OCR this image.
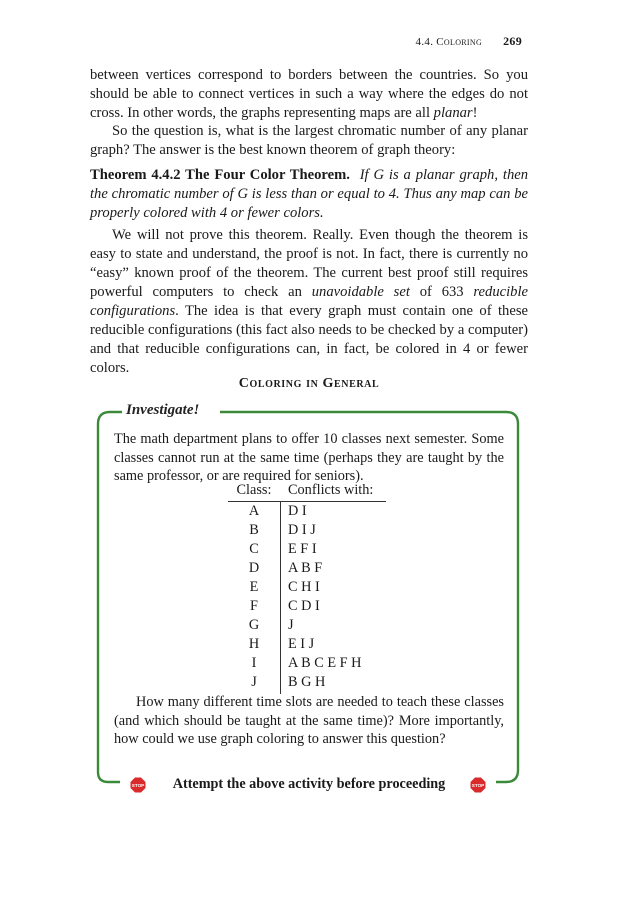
4.4. Coloring 269

between vertices correspond to borders between the countries. So you should be able to connect vertices in such a way where the edges do not cross. In other words, the graphs representing maps are all planar!

So the question is, what is the largest chromatic number of any planar graph? The answer is the best known theorem of graph theory:

Theorem 4.4.2 The Four Color Theorem. If G is a planar graph, then the chromatic number of G is less than or equal to 4. Thus any map can be properly colored with 4 or fewer colors.

We will not prove this theorem. Really. Even though the theorem is easy to state and understand, the proof is not. In fact, there is currently no “easy” known proof of the theorem. The current best proof still requires powerful computers to check an unavoidable set of 633 reducible configurations. The idea is that every graph must contain one of these reducible configurations (this fact also needs to be checked by a computer) and that reducible configurations can, in fact, be colored in 4 or fewer colors.

Coloring in General
Investigate!
The math department plans to offer 10 classes next semester. Some classes cannot run at the same time (perhaps they are taught by the same professor, or are required for seniors).
Class:	Conflicts with:
A	D I
B	D I J
C	E F I
D	A B F
E	C H I
F	C D I
G	J
H	E I J
I	A B C E F H
J	B G H
How many different time slots are needed to teach these classes (and which should be taught at the same time)? More importantly, how could we use graph coloring to answer this question?
STOP	Attempt the above activity before proceeding	STOP
